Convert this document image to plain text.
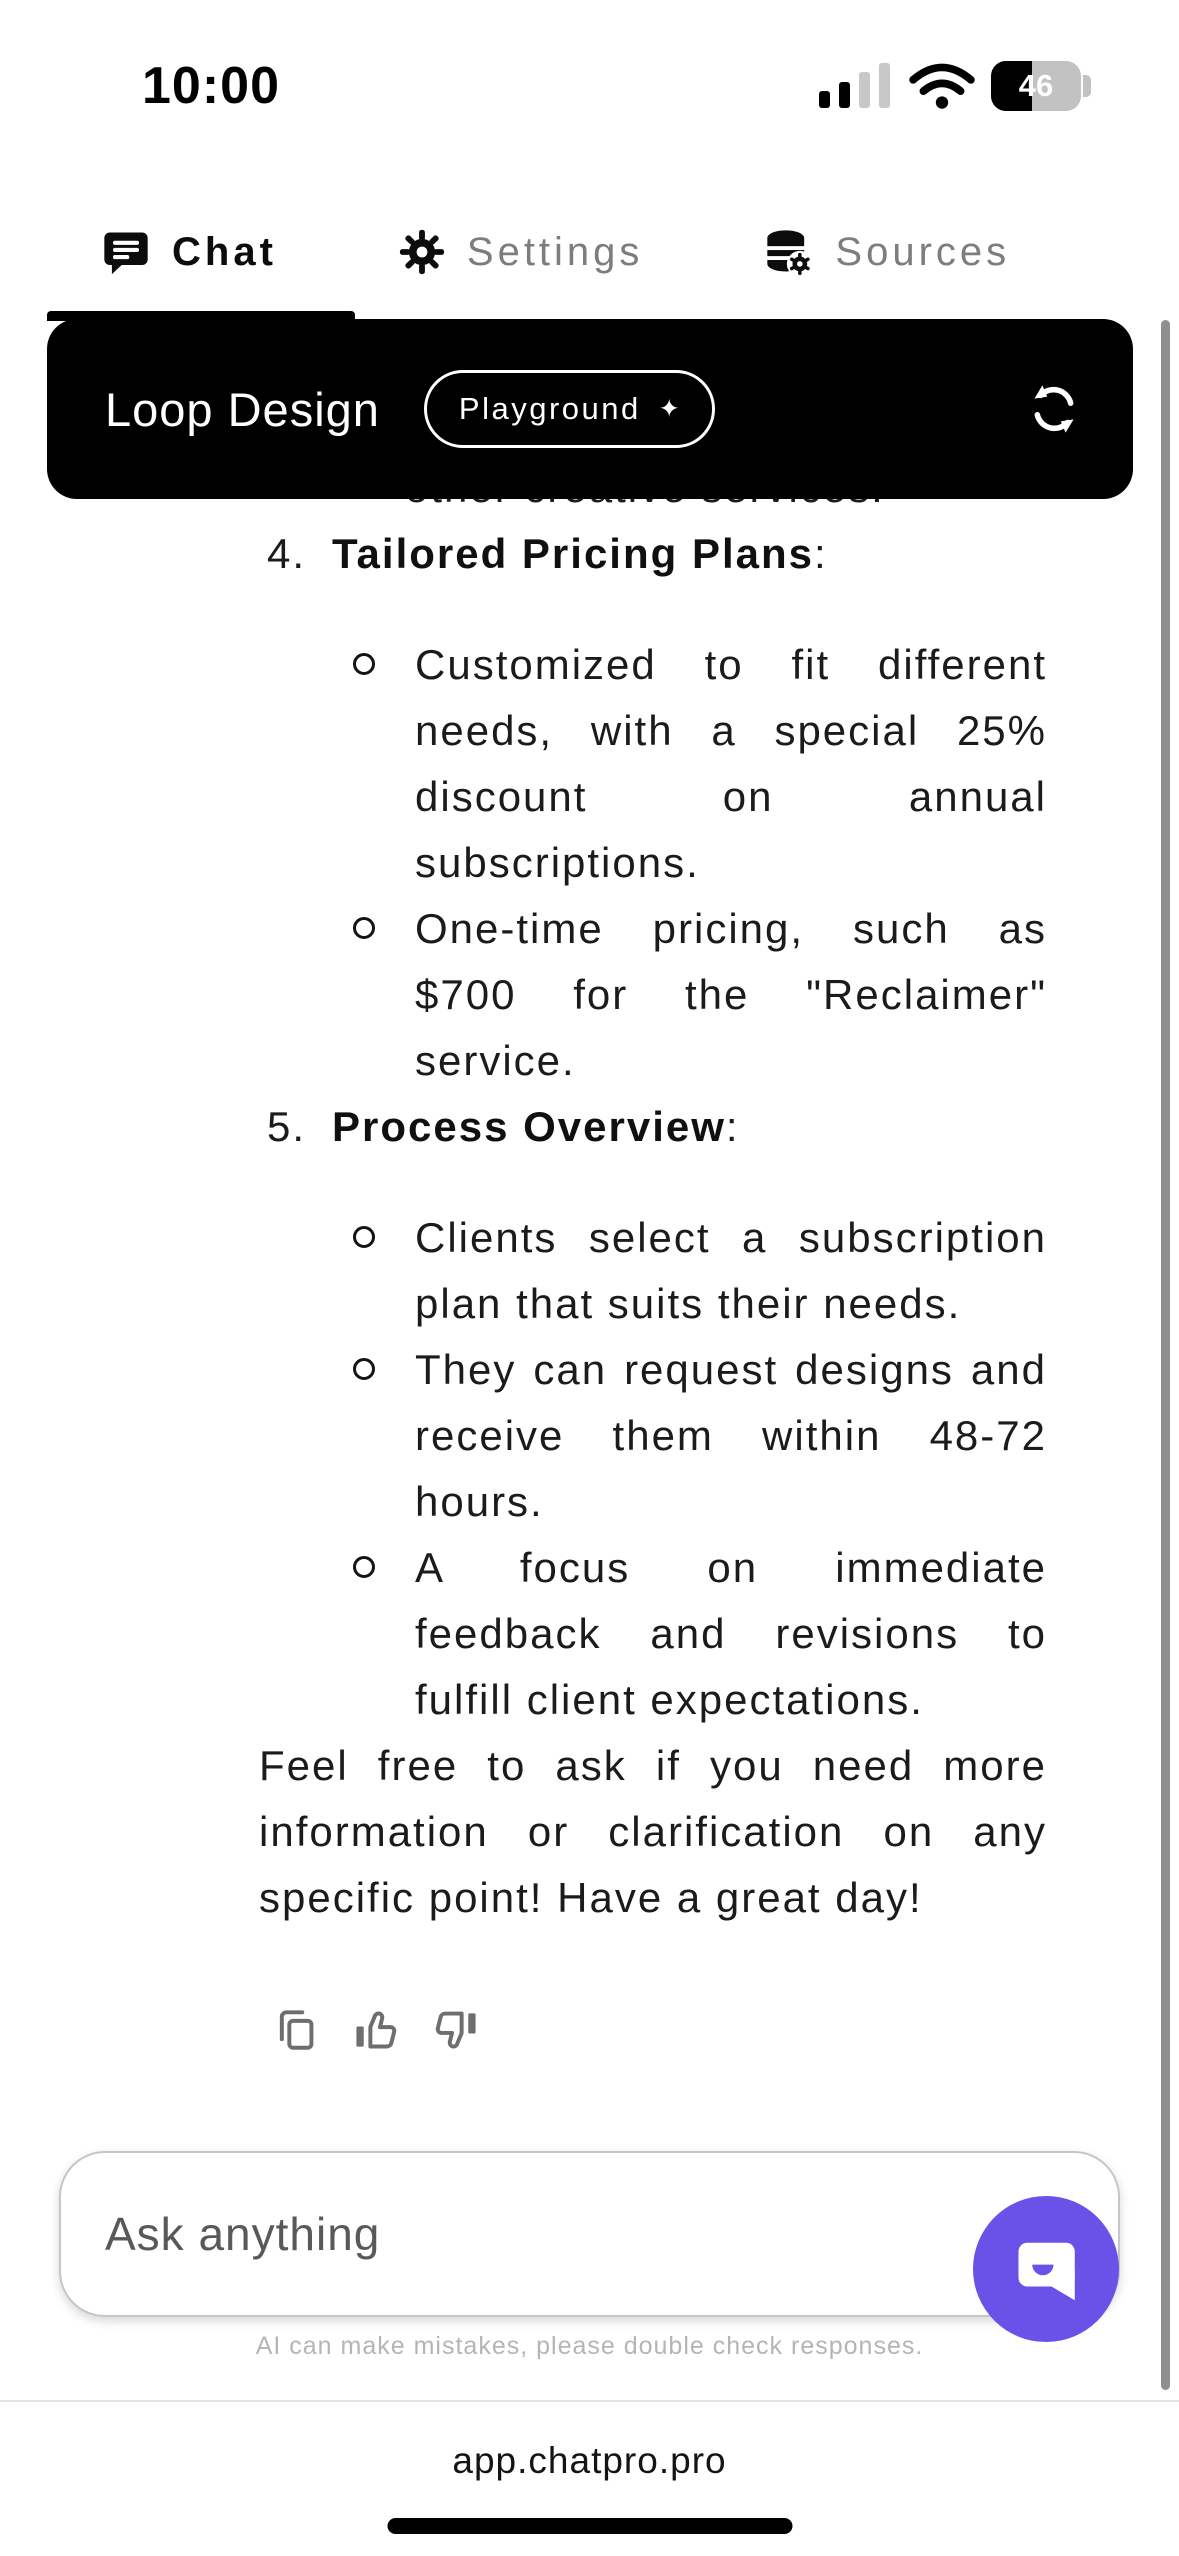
10:00	46
Chat	Settings	Sources
Loop Design	Playground ✦
4. Tailored Pricing Plans:
Customized to fit different needs, with a special 25% discount on annual subscriptions.
One-time pricing, such as $700 for the "Reclaimer" service.
5. Process Overview:
Clients select a subscription plan that suits their needs.
They can request designs and receive them within 48-72 hours.
A focus on immediate feedback and revisions to fulfill client expectations.
Feel free to ask if you need more information or clarification on any specific point! Have a great day!
Ask anything
AI can make mistakes, please double check responses.
app.chatpro.pro
